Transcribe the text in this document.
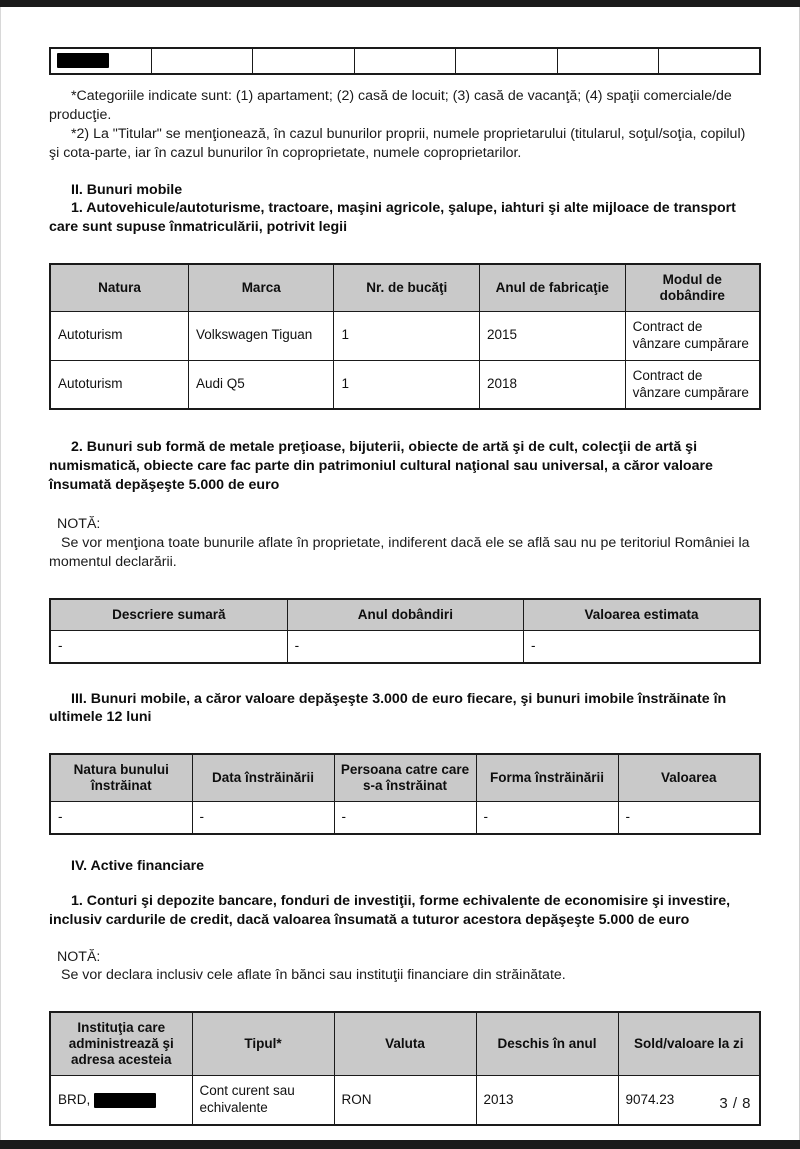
*Categoriile indicate sunt: (1) apartament; (2) casă de locuit; (3) casă de vacanţă; (4) spaţii comerciale/de producţie.

*2) La "Titular" se menţionează, în cazul bunurilor proprii, numele proprietarului (titularul, soţul/soţia, copilul) şi cota-parte, iar în cazul bunurilor în coproprietate, numele coproprietarilor.

II. Bunuri mobile

1. Autovehicule/autoturisme, tractoare, maşini agricole, şalupe, iahturi şi alte mijloace de transport care sunt supuse înmatriculării, potrivit legii

Natura	Marca	Nr. de bucăţi	Anul de fabricaţie	Modul de dobândire
Autoturism	Volkswagen Tiguan	1	2015	Contract de vânzare cumpărare
Autoturism	Audi Q5	1	2018	Contract de vânzare cumpărare

2. Bunuri sub formă de metale preţioase, bijuterii, obiecte de artă şi de cult, colecţii de artă şi numismatică, obiecte care fac parte din patrimoniul cultural naţional sau universal, a căror valoare însumată depăşeşte 5.000 de euro

NOTĂ:

Se vor menţiona toate bunurile aflate în proprietate, indiferent dacă ele se află sau nu pe teritoriul României la momentul declarării.

Descriere sumară	Anul dobândiri	Valoarea estimata
-	-	-

III. Bunuri mobile, a căror valoare depăşeşte 3.000 de euro fiecare, şi bunuri imobile înstrăinate în ultimele 12 luni

Natura bunului înstrăinat	Data înstrăinării	Persoana catre care s-a înstrăinat	Forma înstrăinării	Valoarea
-	-	-	-	-

IV. Active financiare

1. Conturi şi depozite bancare, fonduri de investiţii, forme echivalente de economisire şi investire, inclusiv cardurile de credit, dacă valoarea însumată a tuturor acestora depăşeşte 5.000 de euro

NOTĂ:

Se vor declara inclusiv cele aflate în bănci sau instituţii financiare din străinătate.

Instituţia care administrează şi adresa acesteia	Tipul*	Valuta	Deschis în anul	Sold/valoare la zi
BRD,	Cont curent sau echivalente	RON	2013	9074.23	3 / 8
